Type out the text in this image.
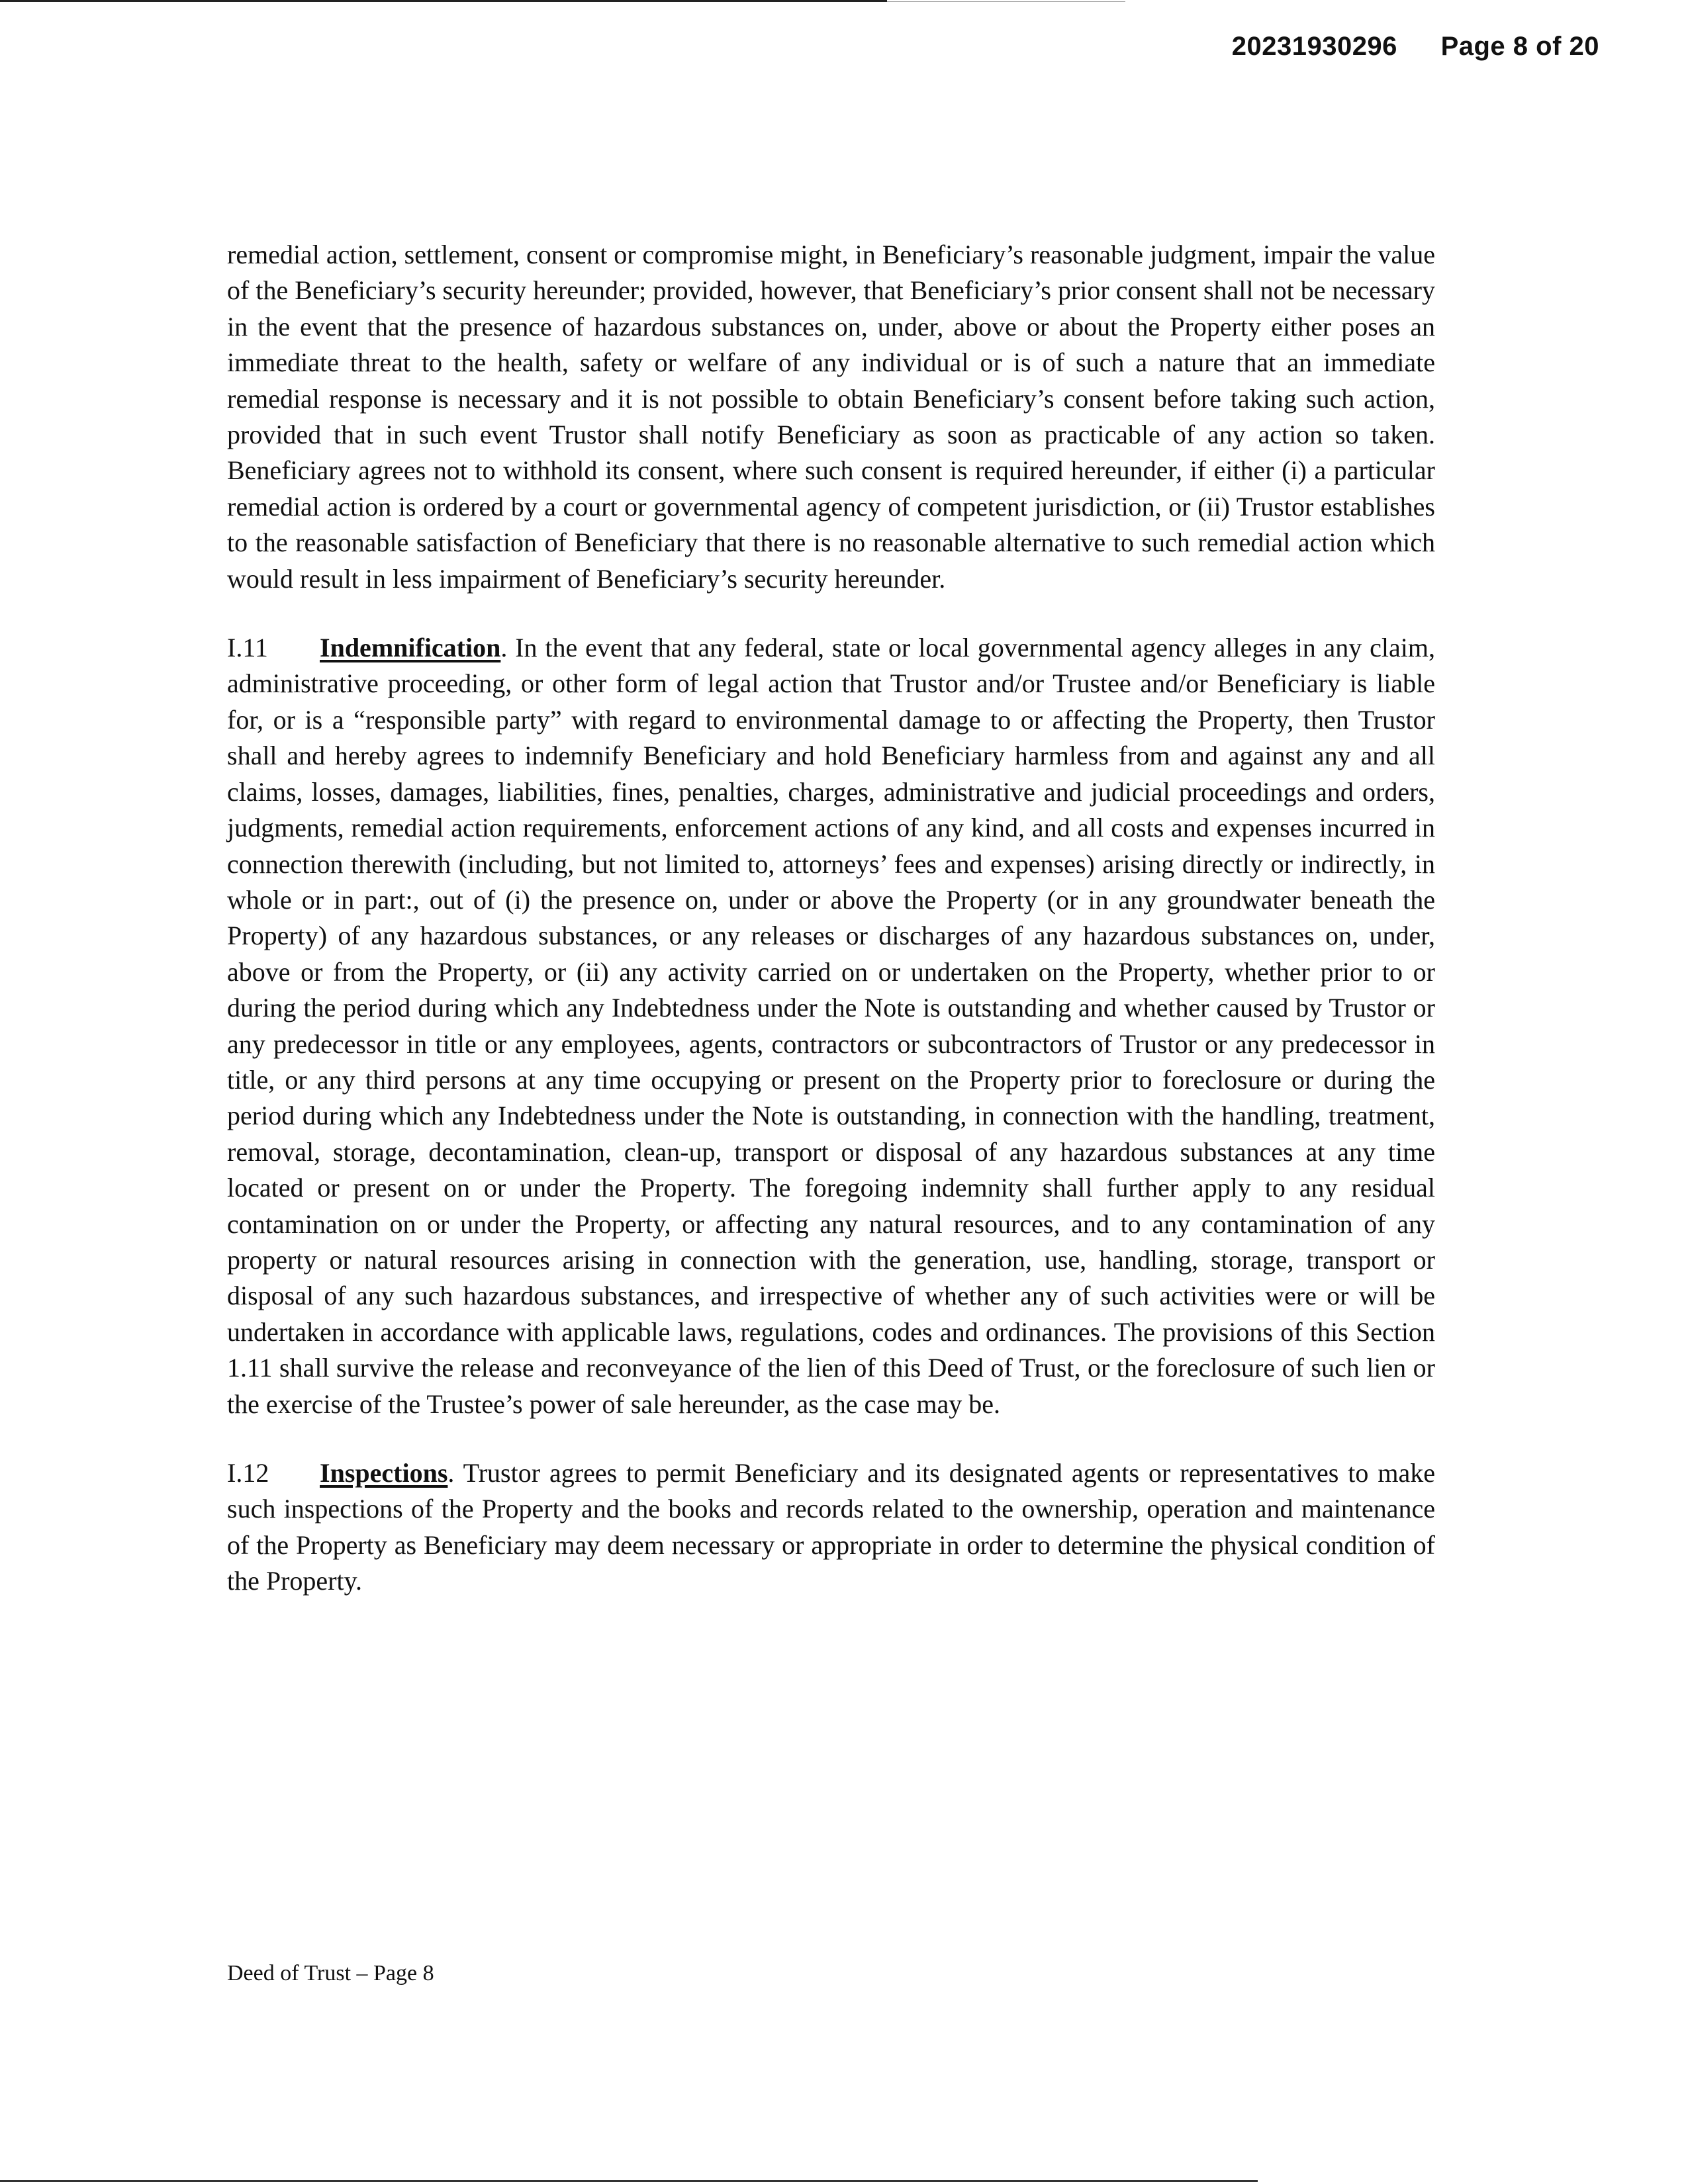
20231930296 Page 8 of 20

remedial action, settlement, consent or compromise might, in Beneficiary’s reasonable judgment, impair the value of the Beneficiary’s security hereunder; provided, however, that Beneficiary’s prior consent shall not be necessary in the event that the presence of hazardous substances on, under, above or about the Property either poses an immediate threat to the health, safety or welfare of any individual or is of such a nature that an immediate remedial response is necessary and it is not possible to obtain Beneficiary’s consent before taking such action, provided that in such event Trustor shall notify Beneficiary as soon as practicable of any action so taken. Beneficiary agrees not to withhold its consent, where such consent is required hereunder, if either (i) a particular remedial action is ordered by a court or governmental agency of competent jurisdiction, or (ii) Trustor establishes to the reasonable satisfaction of Beneficiary that there is no reasonable alternative to such remedial action which would result in less impairment of Beneficiary’s security hereunder.

I.11 Indemnification. In the event that any federal, state or local governmental agency alleges in any claim, administrative proceeding, or other form of legal action that Trustor and/or Trustee and/or Beneficiary is liable for, or is a “responsible party” with regard to environmental damage to or affecting the Property, then Trustor shall and hereby agrees to indemnify Beneficiary and hold Beneficiary harmless from and against any and all claims, losses, damages, liabilities, fines, penalties, charges, administrative and judicial proceedings and orders, judgments, remedial action requirements, enforcement actions of any kind, and all costs and expenses incurred in connection therewith (including, but not limited to, attorneys’ fees and expenses) arising directly or indirectly, in whole or in part:, out of (i) the presence on, under or above the Property (or in any groundwater beneath the Property) of any hazardous substances, or any releases or discharges of any hazardous substances on, under, above or from the Property, or (ii) any activity carried on or undertaken on the Property, whether prior to or during the period during which any Indebtedness under the Note is outstanding and whether caused by Trustor or any predecessor in title or any employees, agents, contractors or subcontractors of Trustor or any predecessor in title, or any third persons at any time occupying or present on the Property prior to foreclosure or during the period during which any Indebtedness under the Note is outstanding, in connection with the handling, treatment, removal, storage, decontamination, clean-up, transport or disposal of any hazardous substances at any time located or present on or under the Property. The foregoing indemnity shall further apply to any residual contamination on or under the Property, or affecting any natural resources, and to any contamination of any property or natural resources arising in connection with the generation, use, handling, storage, transport or disposal of any such hazardous substances, and irrespective of whether any of such activities were or will be undertaken in accordance with applicable laws, regulations, codes and ordinances. The provisions of this Section 1.11 shall survive the release and reconveyance of the lien of this Deed of Trust, or the foreclosure of such lien or the exercise of the Trustee’s power of sale hereunder, as the case may be.

I.12 Inspections. Trustor agrees to permit Beneficiary and its designated agents or representatives to make such inspections of the Property and the books and records related to the ownership, operation and maintenance of the Property as Beneficiary may deem necessary or appropriate in order to determine the physical condition of the Property.

Deed of Trust – Page 8
